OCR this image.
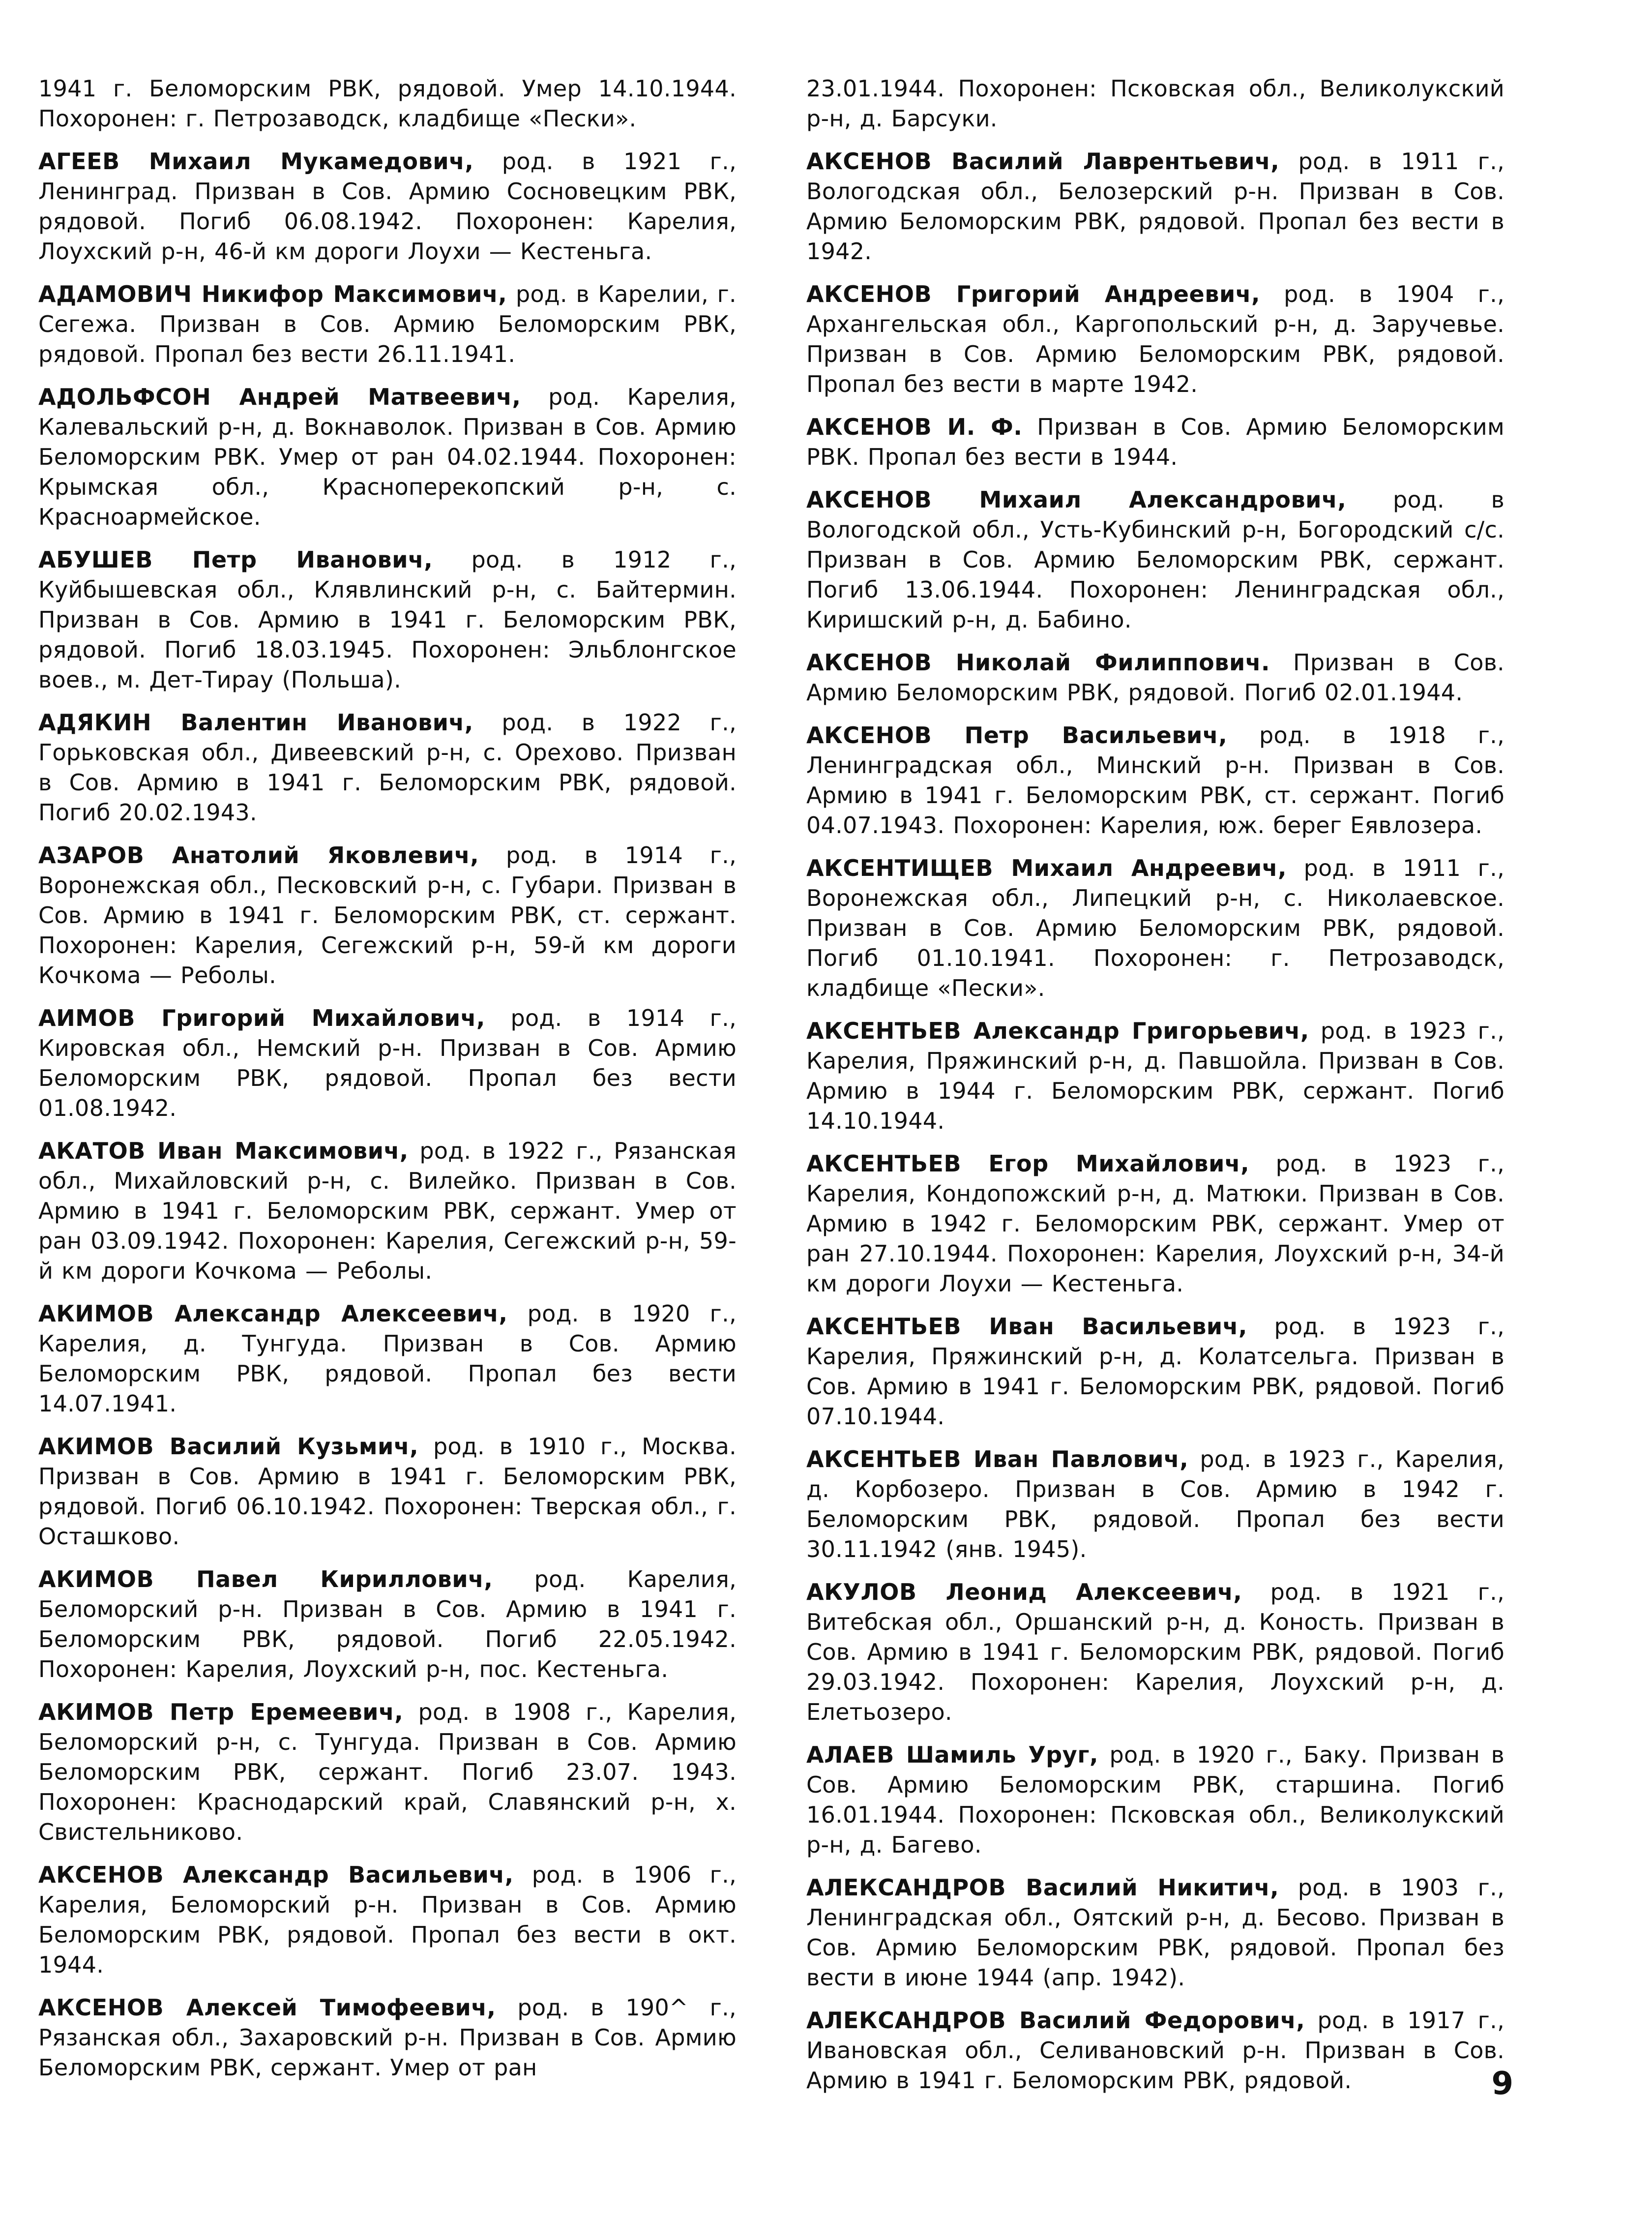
1941 г. Беломорским РВК, рядовой. Умер 14.10.1944. Похоронен: г. Петрозаводск, кладбище «Пески».

АГЕЕВ Михаил Мукамедович, род. в 1921 г., Ленинград. Призван в Сов. Армию Сосновецким РВК, рядовой. Погиб 06.08.1942. Похоронен: Карелия, Лоухский р-н, 46-й км дороги Лоухи — Кестеньга.

АДАМОВИЧ Никифор Максимович, род. в Карелии, г. Сегежа. Призван в Сов. Армию Беломорским РВК, рядовой. Пропал без вести 26.11.1941.

АДОЛЬФСОН Андрей Матвеевич, род. Карелия, Калевальский р-н, д. Вокнаволок. Призван в Сов. Армию Беломорским РВК. Умер от ран 04.02.1944. Похоронен: Крымская обл., Красноперекопский р-н, с. Красноармейское.

АБУШЕВ Петр Иванович, род. в 1912 г., Куйбышевская обл., Клявлинский р-н, с. Байтермин. Призван в Сов. Армию в 1941 г. Беломорским РВК, рядовой. Погиб 18.03.1945. Похоронен: Эльблонгское воев., м. Дет-Тирау (Польша).

АДЯКИН Валентин Иванович, род. в 1922 г., Горьковская обл., Дивеевский р-н, с. Орехово. Призван в Сов. Армию в 1941 г. Беломорским РВК, рядовой. Погиб 20.02.1943.

АЗАРОВ Анатолий Яковлевич, род. в 1914 г., Воронежская обл., Песковский р-н, с. Губари. Призван в Сов. Армию в 1941 г. Беломорским РВК, ст. сержант. Похоронен: Карелия, Сегежский р-н, 59-й км дороги Кочкома — Реболы.

АИМОВ Григорий Михайлович, род. в 1914 г., Кировская обл., Немский р-н. Призван в Сов. Армию Беломорским РВК, рядовой. Пропал без вести 01.08.1942.

АКАТОВ Иван Максимович, род. в 1922 г., Рязанская обл., Михайловский р-н, с. Вилейко. Призван в Сов. Армию в 1941 г. Беломорским РВК, сержант. Умер от ран 03.09.1942. Похоронен: Карелия, Сегежский р-н, 59-й км дороги Кочкома — Реболы.

АКИМОВ Александр Алексеевич, род. в 1920 г., Карелия, д. Тунгуда. Призван в Сов. Армию Беломорским РВК, рядовой. Пропал без вести 14.07.1941.

АКИМОВ Василий Кузьмич, род. в 1910 г., Москва. Призван в Сов. Армию в 1941 г. Беломорским РВК, рядовой. Погиб 06.10.1942. Похоронен: Тверская обл., г. Осташково.

АКИМОВ Павел Кириллович, род. Карелия, Беломорский р-н. Призван в Сов. Армию в 1941 г. Беломорским РВК, рядовой. Погиб 22.05.1942. Похоронен: Карелия, Лоухский р-н, пос. Кестеньга.

АКИМОВ Петр Еремеевич, род. в 1908 г., Карелия, Беломорский р-н, с. Тунгуда. Призван в Сов. Армию Беломорским РВК, сержант. Погиб 23.07. 1943. Похоронен: Краснодарский край, Славянский р-н, х. Свистельниково.

АКСЕНОВ Александр Васильевич, род. в 1906 г., Карелия, Беломорский р-н. Призван в Сов. Армию Беломорским РВК, рядовой. Пропал без вести в окт. 1944.

АКСЕНОВ Алексей Тимофеевич, род. в 190^ г., Рязанская обл., Захаровский р-н. Призван в Сов. Армию Беломорским РВК, сержант. Умер от ран

23.01.1944. Похоронен: Псковская обл., Великолукский р-н, д. Барсуки.

АКСЕНОВ Василий Лаврентьевич, род. в 1911 г., Вологодская обл., Белозерский р-н. Призван в Сов. Армию Беломорским РВК, рядовой. Пропал без вести в 1942.

АКСЕНОВ Григорий Андреевич, род. в 1904 г., Архангельская обл., Каргопольский р-н, д. Заручевье. Призван в Сов. Армию Беломорским РВК, рядовой. Пропал без вести в марте 1942.

АКСЕНОВ И. Ф. Призван в Сов. Армию Беломорским РВК. Пропал без вести в 1944.

АКСЕНОВ Михаил Александрович, род. в Вологодской обл., Усть-Кубинский р-н, Богородский с/с. Призван в Сов. Армию Беломорским РВК, сержант. Погиб 13.06.1944. Похоронен: Ленинградская обл., Киришский р-н, д. Бабино.

АКСЕНОВ Николай Филиппович. Призван в Сов. Армию Беломорским РВК, рядовой. Погиб 02.01.1944.

АКСЕНОВ Петр Васильевич, род. в 1918 г., Ленинградская обл., Минский р-н. Призван в Сов. Армию в 1941 г. Беломорским РВК, ст. сержант. Погиб 04.07.1943. Похоронен: Карелия, юж. берег Еявлозера.

АКСЕНТИЩЕВ Михаил Андреевич, род. в 1911 г., Воронежская обл., Липецкий р-н, с. Николаевское. Призван в Сов. Армию Беломорским РВК, рядовой. Погиб 01.10.1941. Похоронен: г. Петрозаводск, кладбище «Пески».

АКСЕНТЬЕВ Александр Григорьевич, род. в 1923 г., Карелия, Пряжинский р-н, д. Павшойла. Призван в Сов. Армию в 1944 г. Беломорским РВК, сержант. Погиб 14.10.1944.

АКСЕНТЬЕВ Егор Михайлович, род. в 1923 г., Карелия, Кондопожский р-н, д. Матюки. Призван в Сов. Армию в 1942 г. Беломорским РВК, сержант. Умер от ран 27.10.1944. Похоронен: Карелия, Лоухский р-н, 34-й км дороги Лоухи — Кестеньга.

АКСЕНТЬЕВ Иван Васильевич, род. в 1923 г., Карелия, Пряжинский р-н, д. Колатсельга. Призван в Сов. Армию в 1941 г. Беломорским РВК, рядовой. Погиб 07.10.1944.

АКСЕНТЬЕВ Иван Павлович, род. в 1923 г., Карелия, д. Корбозеро. Призван в Сов. Армию в 1942 г. Беломорским РВК, рядовой. Пропал без вести 30.11.1942 (янв. 1945).

АКУЛОВ Леонид Алексеевич, род. в 1921 г., Витебская обл., Оршанский р-н, д. Коность. Призван в Сов. Армию в 1941 г. Беломорским РВК, рядовой. Погиб 29.03.1942. Похоронен: Карелия, Лоухский р-н, д. Елетьозеро.

АЛАЕВ Шамиль Уруг, род. в 1920 г., Баку. Призван в Сов. Армию Беломорским РВК, старшина. Погиб 16.01.1944. Похоронен: Псковская обл., Великолукский р-н, д. Багево.

АЛЕКСАНДРОВ Василий Никитич, род. в 1903 г., Ленинградская обл., Оятский р-н, д. Бесово. Призван в Сов. Армию Беломорским РВК, рядовой. Пропал без вести в июне 1944 (апр. 1942).

АЛЕКСАНДРОВ Василий Федорович, род. в 1917 г., Ивановская обл., Селивановский р-н. Призван в Сов. Армию в 1941 г. Беломорским РВК, рядовой.	9
